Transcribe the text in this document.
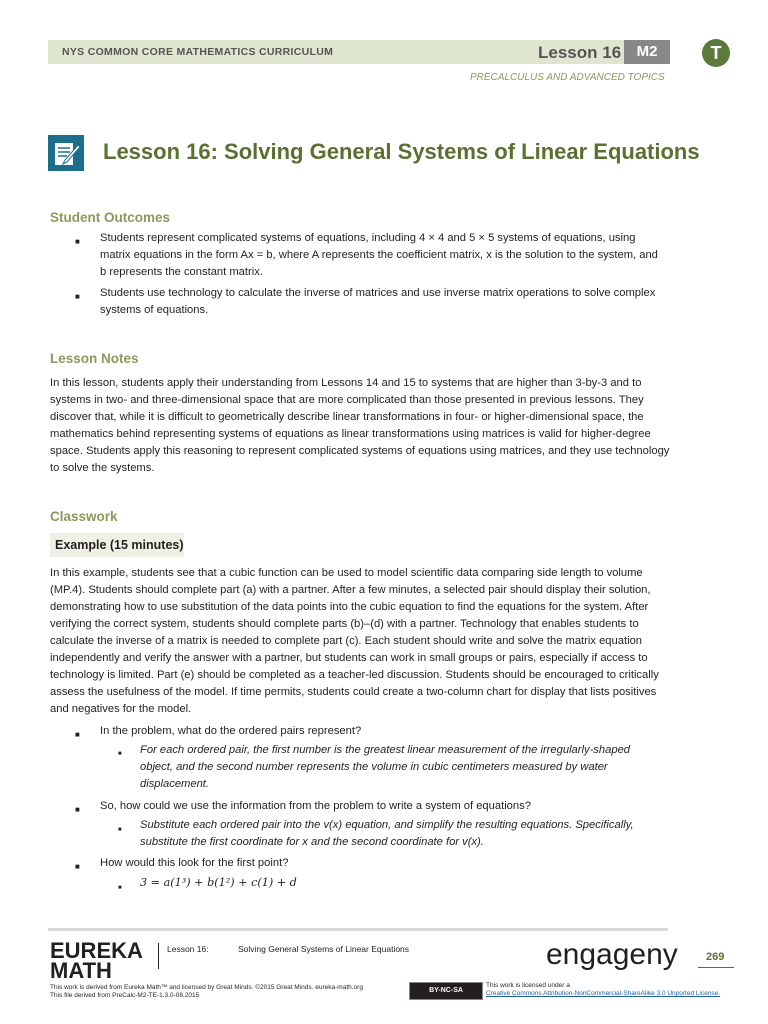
NYS COMMON CORE MATHEMATICS CURRICULUM	Lesson 16	M2	T
PRECALCULUS AND ADVANCED TOPICS
Lesson 16: Solving General Systems of Linear Equations
Student Outcomes
■ Students represent complicated systems of equations, including 4 × 4 and 5 × 5 systems of equations, using matrix equations in the form Ax = b, where A represents the coefficient matrix, x is the solution to the system, and b represents the constant matrix.
■ Students use technology to calculate the inverse of matrices and use inverse matrix operations to solve complex systems of equations.
Lesson Notes
In this lesson, students apply their understanding from Lessons 14 and 15 to systems that are higher than 3-by-3 and to systems in two- and three-dimensional space that are more complicated than those presented in previous lessons. They discover that, while it is difficult to geometrically describe linear transformations in four- or higher-dimensional space, the mathematics behind representing systems of equations as linear transformations using matrices is valid for higher-degree space. Students apply this reasoning to represent complicated systems of equations using matrices, and they use technology to solve the systems.
Classwork
Example (15 minutes)
In this example, students see that a cubic function can be used to model scientific data comparing side length to volume (MP.4). Students should complete part (a) with a partner. After a few minutes, a selected pair should display their solution, demonstrating how to use substitution of the data points into the cubic equation to find the equations for the system. After verifying the correct system, students should complete parts (b)–(d) with a partner. Technology that enables students to calculate the inverse of a matrix is needed to complete part (c). Each student should write and solve the matrix equation independently and verify the answer with a partner, but students can work in small groups or pairs, especially if access to technology is limited. Part (e) should be completed as a teacher-led discussion. Students should be encouraged to critically assess the usefulness of the model. If time permits, students could create a two-column chart for display that lists positives and negatives for the model.
■ In the problem, what do the ordered pairs represent?
■ For each ordered pair, the first number is the greatest linear measurement of the irregularly-shaped object, and the second number represents the volume in cubic centimeters measured by water displacement.
■ So, how could we use the information from the problem to write a system of equations?
■ Substitute each ordered pair into the v(x) equation, and simplify the resulting equations. Specifically, substitute the first coordinate for x and the second coordinate for v(x).
■ How would this look for the first point?
■ 3 = a(1³) + b(1²) + c(1) + d
EUREKA MATH
Lesson 16:	Solving General Systems of Linear Equations	engageny	269
This work is derived from Eureka Math™ and licensed by Great Minds. ©2015 Great Minds. eureka-math.org
This file derived from PreCalc-M2-TE-1.3.0-08.2015
BY-NC-SA
This work is licensed under a
Creative Commons Attribution-NonCommercial-ShareAlike 3.0 Unported License.
